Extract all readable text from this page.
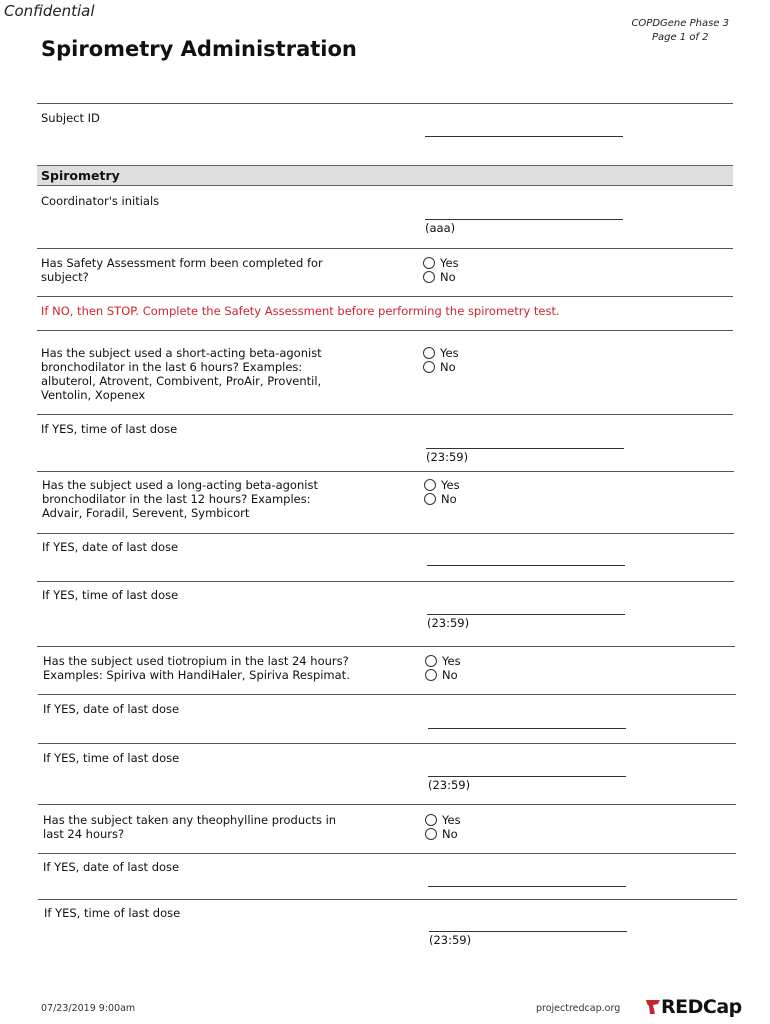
Confidential
COPDGene Phase 3
Page 1 of 2
Spirometry Administration
Subject ID
Spirometry
Coordinator's initials
(aaa)
Has Safety Assessment form been completed for
subject?
Yes
No
If NO, then STOP. Complete the Safety Assessment before performing the spirometry test.
Has the subject used a short-acting beta-agonist
bronchodilator in the last 6 hours? Examples:
albuterol, Atrovent, Combivent, ProAir, Proventil,
Ventolin, Xopenex
Yes
No
If YES, time of last dose
(23:59)
Has the subject used a long-acting beta-agonist
bronchodilator in the last 12 hours? Examples:
Advair, Foradil, Serevent, Symbicort
Yes
No
If YES, date of last dose
If YES, time of last dose
(23:59)
Has the subject used tiotropium in the last 24 hours?
Examples: Spiriva with HandiHaler, Spiriva Respimat.
Yes
No
If YES, date of last dose
If YES, time of last dose
(23:59)
Has the subject taken any theophylline products in
last 24 hours?
Yes
No
If YES, date of last dose
If YES, time of last dose
(23:59)
07/23/2019 9:00am	projectredcap.org REDCap
